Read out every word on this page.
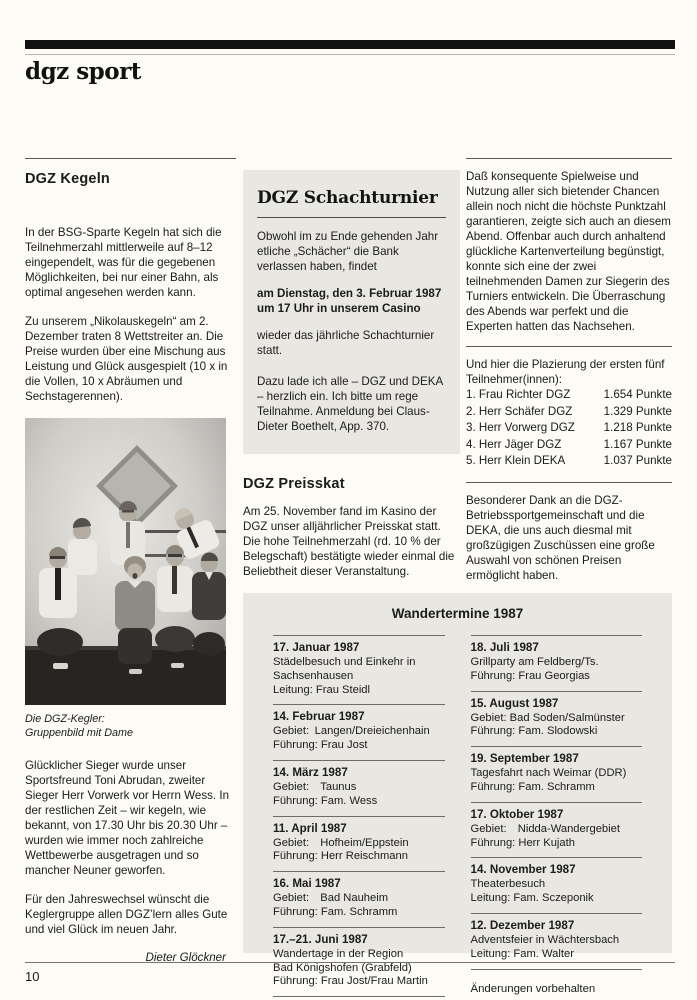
dgz sport
DGZ Kegeln

In der BSG-Sparte Kegeln hat sich die Teilnehmerzahl mittlerweile auf 8–12 eingependelt, was für die gegebenen Möglichkeiten, bei nur einer Bahn, als optimal angesehen werden kann.

Zu unserem „Nikolauskegeln“ am 2. Dezember traten 8 Wettstreiter an. Die Preise wurden über eine Mischung aus Leistung und Glück ausgespielt (10 x in die Vollen, 10 x Abräumen und Sechstagerennen).

Die DGZ-Kegler:
Gruppenbild mit Dame

Glücklicher Sieger wurde unser Sportsfreund Toni Abrudan, zweiter Sieger Herr Vorwerk vor Herrn Wess. In der restlichen Zeit – wir kegeln, wie bekannt, von 17.30 Uhr bis 20.30 Uhr – wurden wie immer noch zahlreiche Wettbewerbe ausgetragen und so mancher Neuner geworfen.

Für den Jahreswechsel wünscht die Keglergruppe allen DGZ’lern alles Gute und viel Glück im neuen Jahr.

Dieter Glöckner
DGZ Schachturnier

Obwohl im zu Ende gehenden Jahr etliche „Schächer“ die Bank verlassen haben, findet

am Dienstag, den 3. Februar 1987 um 17 Uhr in unserem Casino

wieder das jährliche Schachturnier statt.

Dazu lade ich alle – DGZ und DEKA – herzlich ein. Ich bitte um rege Teilnahme. Anmeldung bei Claus-Dieter Boethelt, App. 370.

DGZ Preisskat

Am 25. November fand im Kasino der DGZ unser alljährlicher Preisskat statt. Die hohe Teilnehmerzahl (rd. 10 % der Belegschaft) bestätigte wieder einmal die Beliebtheit dieser Veranstaltung.

Daß konsequente Spielweise und Nutzung aller sich bietender Chancen allein noch nicht die höchste Punktzahl garantieren, zeigte sich auch an diesem Abend. Offenbar auch durch anhaltend glückliche Kartenverteilung begünstigt, konnte sich eine der zwei teilnehmenden Damen zur Siegerin des Turniers entwickeln. Die Überraschung des Abends war perfekt und die Experten hatten das Nachsehen.

Und hier die Plazierung der ersten fünf Teilnehmer(innen):

1. Frau Richter DGZ	1.654 Punkte
2. Herr Schäfer DGZ	1.329 Punkte
3. Herr Vorwerg DGZ 1.218 Punkte
4. Herr Jäger DGZ	1.167 Punkte
5. Herr Klein DEKA	1.037 Punkte

Besonderer Dank an die DGZ-Betriebssportgemeinschaft und die DEKA, die uns auch diesmal mit großzügigen Zuschüssen eine große Auswahl von schönen Preisen ermöglicht haben.

Wandertermine 1987
17. Januar 1987
Städelbesuch und Einkehr in
Sachsenhausen
Leitung: Frau Steidl
14. Februar 1987
Gebiet: Langen/Dreieichenhain
Führung: Frau Jost
14. März 1987
Gebiet:  Taunus
Führung: Fam. Wess
11. April 1987
Gebiet:  Hofheim/Eppstein
Führung: Herr Reischmann
16. Mai 1987
Gebiet:  Bad Nauheim
Führung: Fam. Schramm
17.–21. Juni 1987
Wandertage in der Region
Bad Königshofen (Grabfeld)
Führung: Frau Jost/Frau Martin
18. Juli 1987
Grillparty am Feldberg/Ts.
Führung: Frau Georgias
15. August 1987
Gebiet: Bad Soden/Salmünster
Führung: Fam. Slodowski
19. September 1987
Tagesfahrt nach Weimar (DDR)
Führung: Fam. Schramm
17. Oktober 1987
Gebiet:  Nidda-Wandergebiet
Führung: Herr Kujath
14. November 1987
Theaterbesuch
Leitung: Fam. Sczeponik
12. Dezember 1987
Adventsfeier in Wächtersbach
Leitung: Fam. Walter
Änderungen vorbehalten
10
